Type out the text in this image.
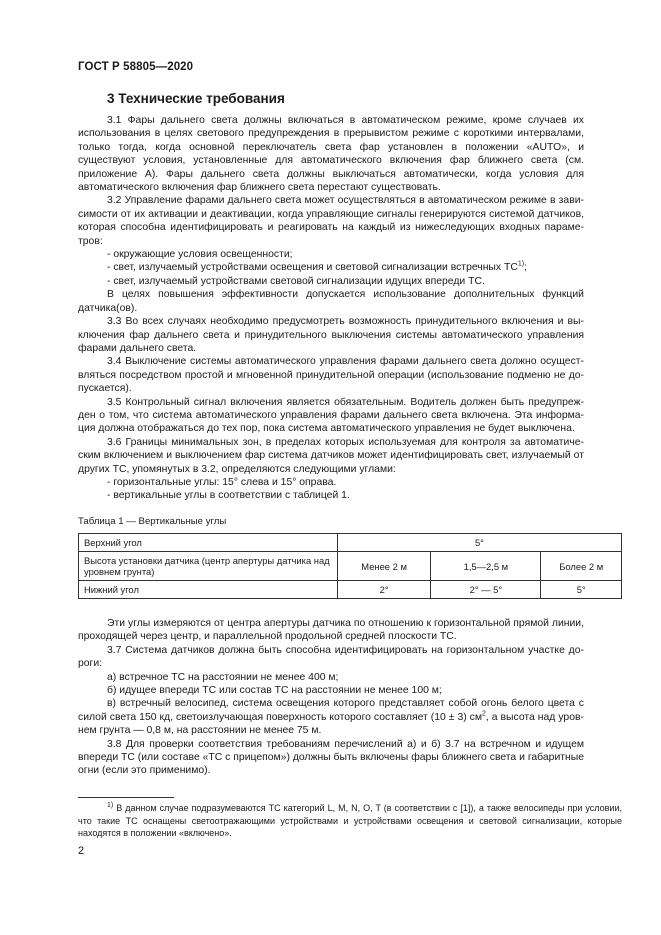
ГОСТ Р 58805—2020
3 Технические требования

3.1 Фары дальнего света должны включаться в автоматическом режиме, кроме случаев их использования в целях светового предупреждения в прерывистом режиме с короткими интервалами, только тогда, когда основной переключатель света фар установлен в положении «AUTO», и существуют условия, установленные для автоматического включения фар ближнего света (см. приложение А). Фары дальнего света должны выключаться автоматически, когда условия для автоматического включения фар ближнего света перестают существовать.

3.2 Управление фарами дальнего света может осуществляться в автоматическом режиме в зависимости от их активации и деактивации, когда управляющие сигналы генерируются системой датчиков, которая способна идентифицировать и реагировать на каждый из нижеследующих входных параметров:

- окружающие условия освещенности;

- свет, излучаемый устройствами освещения и световой сигнализации встречных ТС$^{1)}$;

- свет, излучаемый устройствами световой сигнализации идущих впереди ТС.

В целях повышения эффективности допускается использование дополнительных функций датчика(ов).

3.3 Во всех случаях необходимо предусмотреть возможность принудительного включения и выключения фар дальнего света и принудительного выключения системы автоматического управления фарами дальнего света.

3.4 Выключение системы автоматического управления фарами дальнего света должно осуществляться посредством простой и мгновенной принудительной операции (использование подменю не допускается).

3.5 Контрольный сигнал включения является обязательным. Водитель должен быть предупрежден о том, что система автоматического управления фарами дальнего света включена. Эта информация должна отображаться до тех пор, пока система автоматического управления не будет выключена.

3.6 Границы минимальных зон, в пределах которых используемая для контроля за автоматическим включением и выключением фар система датчиков может идентифицировать свет, излучаемый от других ТС, упомянутых в 3.2, определяются следующими углами:

- горизонтальные углы: 15° слева и 15° оправа.

- вертикальные углы в соответствии с таблицей 1.

Таблица 1 — Вертикальные углы
Верхний угол	5°		
Высота установки датчика (центр апертуры датчика над уровнем грунта)	Менее 2 м	1,5—2,5 м	Более 2 м
Нижний угол	2°	2° — 5°	5°

Эти углы измеряются от центра апертуры датчика по отношению к горизонтальной прямой линии, проходящей через центр, и параллельной продольной средней плоскости ТС.

3.7 Система датчиков должна быть способна идентифицировать на горизонтальном участке дороги:

а) встречное ТС на расстоянии не менее 400 м;

б) идущее впереди ТС или состав ТС на расстоянии не менее 100 м;

в) встречный велосипед, система освещения которого представляет собой огонь белого цвета с силой света 150 кд, светоизлучающая поверхность которого составляет (10 ± 3) $см^2$, а высота над уровнем грунта — 0,8 м, на расстоянии не менее 75 м.

3.8 Для проверки соответствия требованиям перечислений а) и б) 3.7 на встречном и идущем впереди ТС (или составе «ТС с прицепом») должны быть включены фары ближнего света и габаритные огни (если это применимо).

$^{1)}$ В данном случае подразумеваются ТС категорий L, M, N, O, T (в соответствии с [1]), а также велосипеды при условии, что такие ТС оснащены светоотражающими устройствами и устройствами освещения и световой сигнализации, которые находятся в положении «включено».

2
